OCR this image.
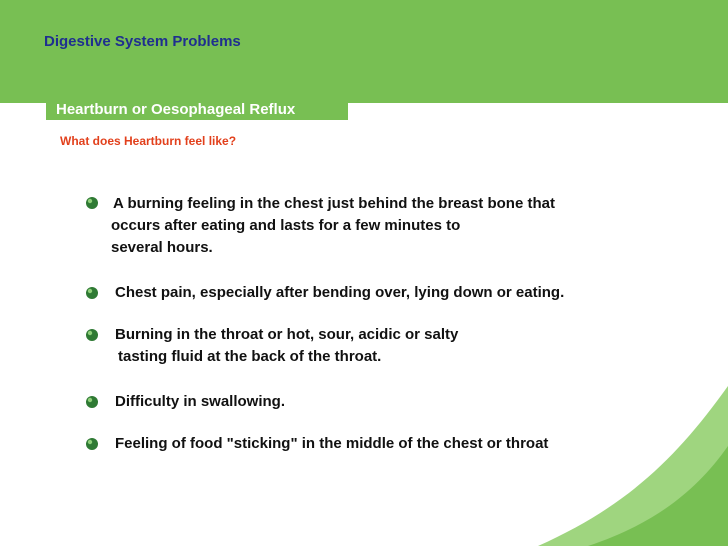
Digestive System Problems
Heartburn or Oesophageal Reflux
What does Heartburn feel like?
A burning feeling in the chest just behind the breast bone that
occurs after eating and lasts for a few minutes to
several hours.
Chest pain, especially after bending over, lying down or eating.
Burning in the throat or hot, sour, acidic or salty
tasting fluid at the back of the throat.
Difficulty in swallowing.
Feeling of food "sticking" in the middle of the chest or throat
